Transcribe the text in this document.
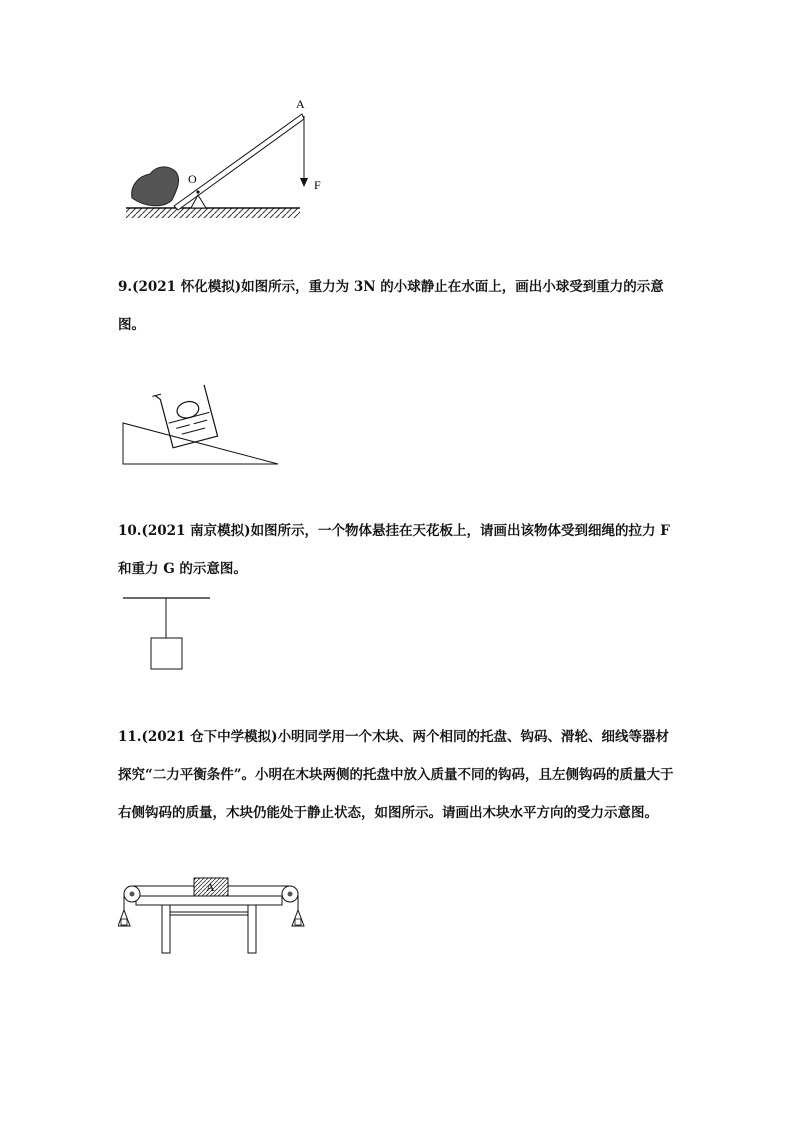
O
A
F

9.(2021 怀化模拟)如图所示，重力为 3N 的小球静止在水面上，画出小球受到重力的示意图。

10.(2021 南京模拟)如图所示，一个物体悬挂在天花板上，请画出该物体受到细绳的拉力 F 和重力 G 的示意图。

11.(2021 仓下中学模拟)小明同学用一个木块、两个相同的托盘、钩码、滑轮、细线等器材探究“二力平衡条件”。小明在木块两侧的托盘中放入质量不同的钩码，且左侧钩码的质量大于右侧钩码的质量，木块仍能处于静止状态，如图所示。请画出木块水平方向的受力示意图。

A
